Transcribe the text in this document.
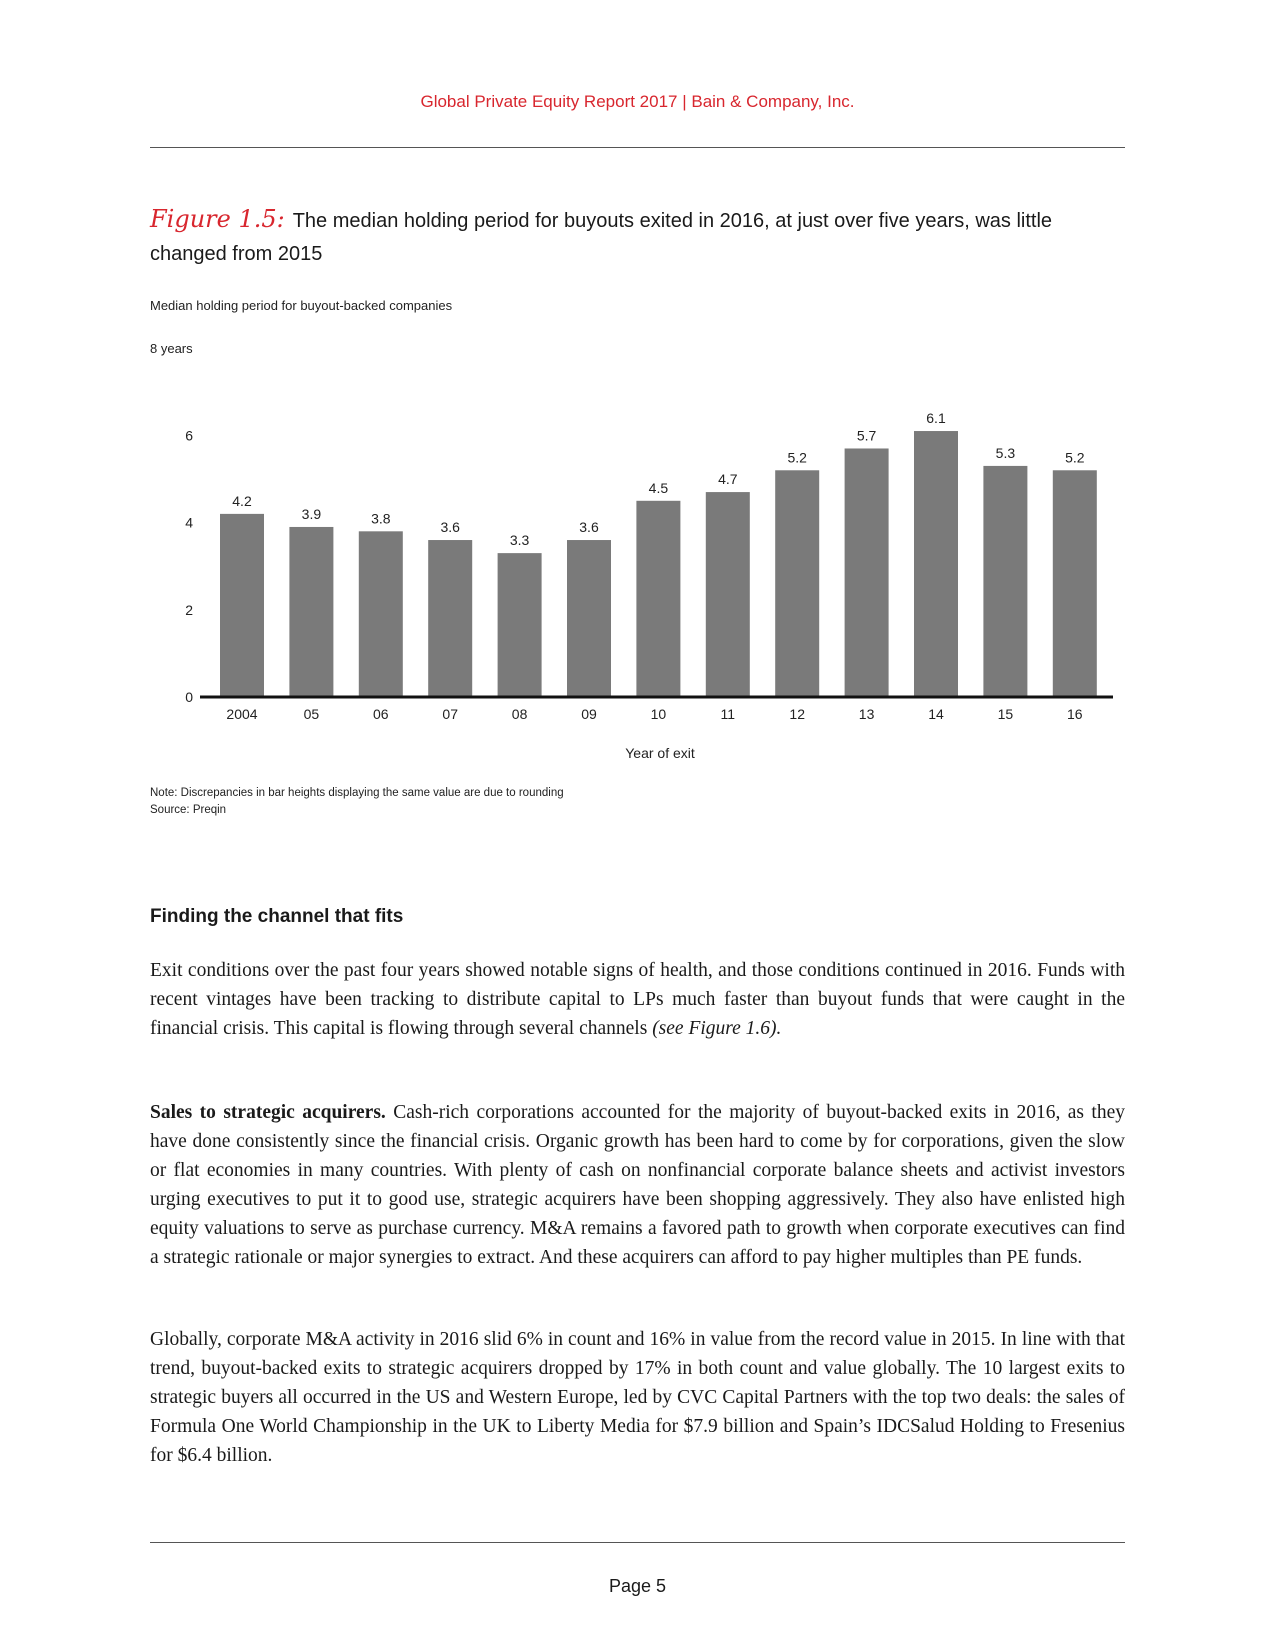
Global Private Equity Report 2017 | Bain & Company, Inc.
Figure 1.5: The median holding period for buyouts exited in 2016, at just over five years, was little changed from 2015
Median holding period for buyout-backed companies
8 years
0
2
4
6
4.2
2004
3.9
05
3.8
06
3.6
07
3.3
08
3.6
09
4.5
10
4.7
11
5.2
12
5.7
13
6.1
14
5.3
15
5.2
16
Year of exit
Note: Discrepancies in bar heights displaying the same value are due to rounding
Source: Preqin
Finding the channel that fits

Exit conditions over the past four years showed notable signs of health, and those conditions continued in 2016. Funds with recent vintages have been tracking to distribute capital to LPs much faster than buyout funds that were caught in the financial crisis. This capital is flowing through several channels (see Figure 1.6).

Sales to strategic acquirers. Cash-rich corporations accounted for the majority of buyout-backed exits in 2016, as they have done consistently since the financial crisis. Organic growth has been hard to come by for corporations, given the slow or flat economies in many countries. With plenty of cash on nonfinancial corporate balance sheets and activist investors urging executives to put it to good use, strategic acquirers have been shopping aggressively. They also have enlisted high equity valuations to serve as purchase currency. M&A remains a favored path to growth when corporate executives can find a strategic rationale or major synergies to extract. And these acquirers can afford to pay higher multiples than PE funds.

Globally, corporate M&A activity in 2016 slid 6% in count and 16% in value from the record value in 2015. In line with that trend, buyout-backed exits to strategic acquirers dropped by 17% in both count and value globally. The 10 largest exits to strategic buyers all occurred in the US and Western Europe, led by CVC Capital Partners with the top two deals: the sales of Formula One World Championship in the UK to Liberty Media for $7.9 billion and Spain’s IDCSalud Holding to Fresenius for $6.4 billion.

Page 5
